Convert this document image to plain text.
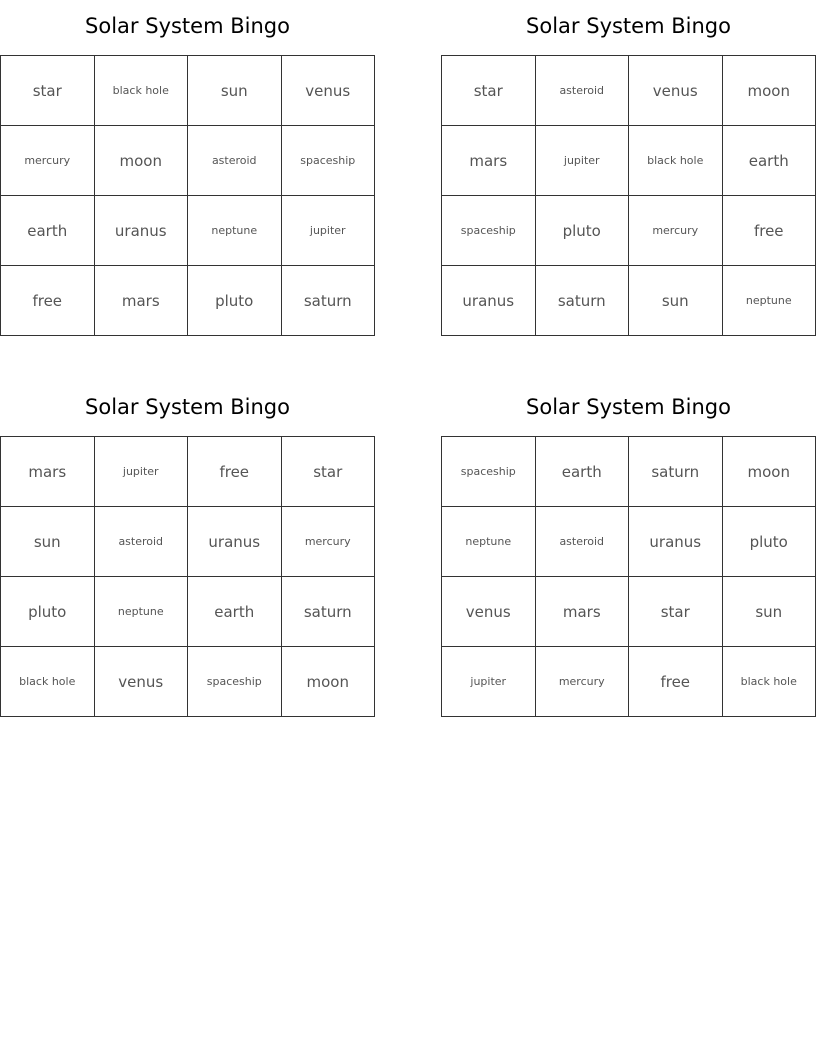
Solar System Bingo
star	black hole	sun	venus
mercury	moon	asteroid	spaceship
earth	uranus	neptune	jupiter
free	mars	pluto	saturn
Solar System Bingo
star	asteroid	venus	moon
mars	jupiter	black hole	earth
spaceship	pluto	mercury	free
uranus	saturn	sun	neptune
Solar System Bingo
mars	jupiter	free	star
sun	asteroid	uranus	mercury
pluto	neptune	earth	saturn
black hole	venus	spaceship	moon
Solar System Bingo
spaceship	earth	saturn	moon
neptune	asteroid	uranus	pluto
venus	mars	star	sun
jupiter	mercury	free	black hole
